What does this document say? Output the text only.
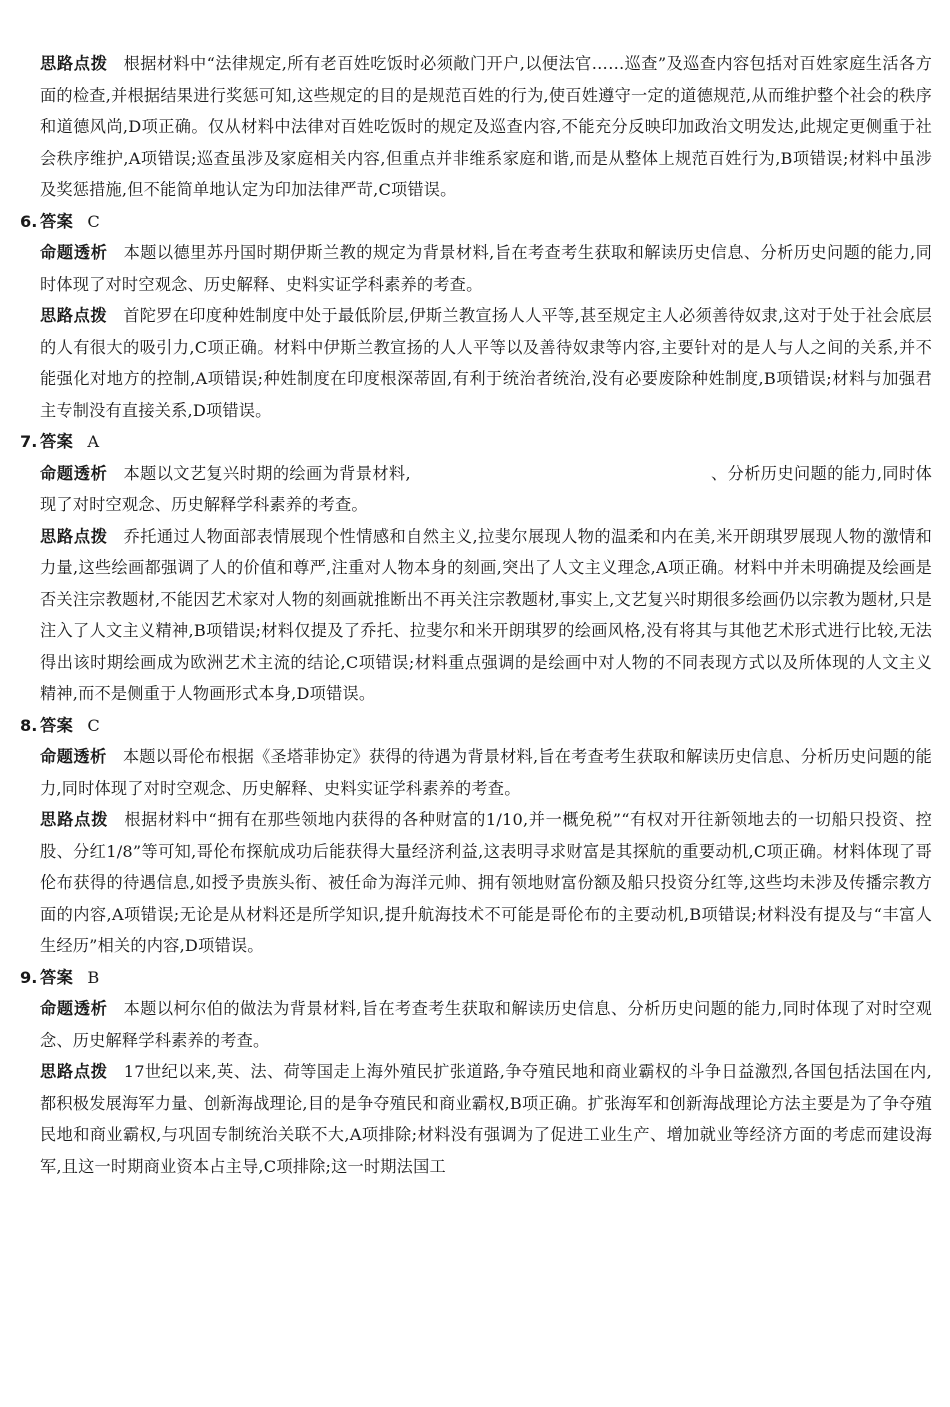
思路点拨 根据材料中“法律规定,所有老百姓吃饭时必须敞门开户,以便法官……巡查”及巡查内容包括对百姓家庭生活各方面的检查,并根据结果进行奖惩可知,这些规定的目的是规范百姓的行为,使百姓遵守一定的道德规范,从而维护整个社会的秩序和道德风尚,D项正确。仅从材料中法律对百姓吃饭时的规定及巡查内容,不能充分反映印加政治文明发达,此规定更侧重于社会秩序维护,A项错误;巡查虽涉及家庭相关内容,但重点并非维系家庭和谐,而是从整体上规范百姓行为,B项错误;材料中虽涉及奖惩措施,但不能简单地认定为印加法律严苛,C项错误。

6. 答案 C

命题透析 本题以德里苏丹国时期伊斯兰教的规定为背景材料,旨在考查考生获取和解读历史信息、分析历史问题的能力,同时体现了对时空观念、历史解释、史料实证学科素养的考查。

思路点拨 首陀罗在印度种姓制度中处于最低阶层,伊斯兰教宣扬人人平等,甚至规定主人必须善待奴隶,这对于处于社会底层的人有很大的吸引力,C项正确。材料中伊斯兰教宣扬的人人平等以及善待奴隶等内容,主要针对的是人与人之间的关系,并不能强化对地方的控制,A项错误;种姓制度在印度根深蒂固,有利于统治者统治,没有必要废除种姓制度,B项错误;材料与加强君主专制没有直接关系,D项错误。

7. 答案 A

命题透析 本题以文艺复兴时期的绘画为背景材料,	、分析历史问题的能力,同时体现了对时空观念、历史解释学科素养的考查。

思路点拨 乔托通过人物面部表情展现个性情感和自然主义,拉斐尔展现人物的温柔和内在美,米开朗琪罗展现人物的激情和力量,这些绘画都强调了人的价值和尊严,注重对人物本身的刻画,突出了人文主义理念,A项正确。材料中并未明确提及绘画是否关注宗教题材,不能因艺术家对人物的刻画就推断出不再关注宗教题材,事实上,文艺复兴时期很多绘画仍以宗教为题材,只是注入了人文主义精神,B项错误;材料仅提及了乔托、拉斐尔和米开朗琪罗的绘画风格,没有将其与其他艺术形式进行比较,无法得出该时期绘画成为欧洲艺术主流的结论,C项错误;材料重点强调的是绘画中对人物的不同表现方式以及所体现的人文主义精神,而不是侧重于人物画形式本身,D项错误。

8. 答案 C

命题透析 本题以哥伦布根据《圣塔菲协定》获得的待遇为背景材料,旨在考查考生获取和解读历史信息、分析历史问题的能力,同时体现了对时空观念、历史解释、史料实证学科素养的考查。

思路点拨 根据材料中“拥有在那些领地内获得的各种财富的1/10,并一概免税”“有权对开往新领地去的一切船只投资、控股、分红1/8”等可知,哥伦布探航成功后能获得大量经济利益,这表明寻求财富是其探航的重要动机,C项正确。材料体现了哥伦布获得的待遇信息,如授予贵族头衔、被任命为海洋元帅、拥有领地财富份额及船只投资分红等,这些均未涉及传播宗教方面的内容,A项错误;无论是从材料还是所学知识,提升航海技术不可能是哥伦布的主要动机,B项错误;材料没有提及与“丰富人生经历”相关的内容,D项错误。

9. 答案 B

命题透析 本题以柯尔伯的做法为背景材料,旨在考查考生获取和解读历史信息、分析历史问题的能力,同时体现了对时空观念、历史解释学科素养的考查。

思路点拨 17世纪以来,英、法、荷等国走上海外殖民扩张道路,争夺殖民地和商业霸权的斗争日益激烈,各国包括法国在内,都积极发展海军力量、创新海战理论,目的是争夺殖民和商业霸权,B项正确。扩张海军和创新海战理论方法主要是为了争夺殖民地和商业霸权,与巩固专制统治关联不大,A项排除;材料没有强调为了促进工业生产、增加就业等经济方面的考虑而建设海军,且这一时期商业资本占主导,C项排除;这一时期法国工
